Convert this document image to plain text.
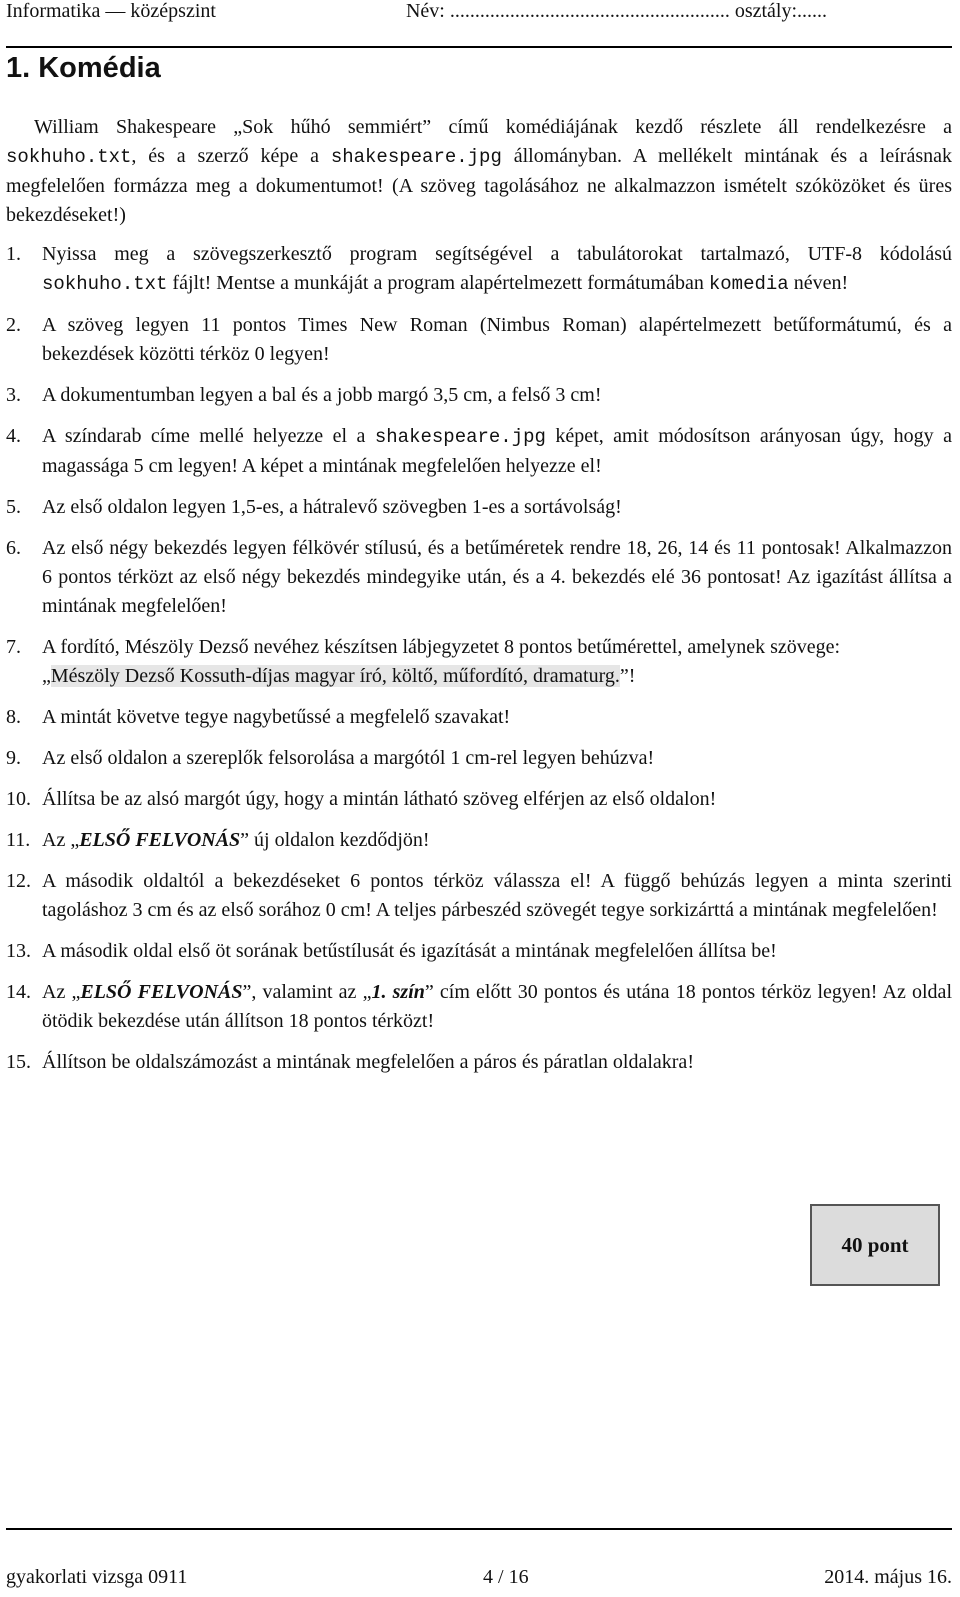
Informatika — középszint	Név: ........................................................ osztály:......
1. Komédia

William Shakespeare „Sok hűhó semmiért” című komédiájának kezdő részlete áll rendelkezésre a sokhuho.txt, és a szerző képe a shakespeare.jpg állományban. A mellékelt mintának és a leírásnak megfelelően formázza meg a dokumentumot! (A szöveg tagolásához ne alkalmazzon ismételt szóközöket és üres bekezdéseket!)

1.	Nyissa meg a szövegszerkesztő program segítségével a tabulátorokat tartalmazó, UTF-8 kódolású sokhuho.txt fájlt! Mentse a munkáját a program alapértelmezett formátumában komedia néven!
2.	A szöveg legyen 11 pontos Times New Roman (Nimbus Roman) alapértelmezett betűformátumú, és a bekezdések közötti térköz 0 legyen!
3.	A dokumentumban legyen a bal és a jobb margó 3,5 cm, a felső 3 cm!
4.	A színdarab címe mellé helyezze el a shakespeare.jpg képet, amit módosítson arányosan úgy, hogy a magassága 5 cm legyen! A képet a mintának megfelelően helyezze el!
5.	Az első oldalon legyen 1,5-es, a hátralevő szövegben 1-es a sortávolság!
6.	Az első négy bekezdés legyen félkövér stílusú, és a betűméretek rendre 18, 26, 14 és 11 pontosak! Alkalmazzon 6 pontos térközt az első négy bekezdés mindegyike után, és a 4. bekezdés elé 36 pontosat! Az igazítást állítsa a mintának megfelelően!
7.	A fordító, Mészöly Dezső nevéhez készítsen lábjegyzetet 8 pontos betűmérettel, amelynek szövege:
„Mészöly Dezső Kossuth-díjas magyar író, költő, műfordító, dramaturg.”!
8.	A mintát követve tegye nagybetűssé a megfelelő szavakat!
9.	Az első oldalon a szereplők felsorolása a margótól 1 cm-rel legyen behúzva!
10. Állítsa be az alsó margót úgy, hogy a mintán látható szöveg elférjen az első oldalon!
11. Az „ELSŐ FELVONÁS” új oldalon kezdődjön!
12. A második oldaltól a bekezdéseket 6 pontos térköz válassza el! A függő behúzás legyen a minta szerinti tagoláshoz 3 cm és az első sorához 0 cm! A teljes párbeszéd szövegét tegye sorkizárttá a mintának megfelelően!
13. A második oldal első öt sorának betűstílusát és igazítását a mintának megfelelően állítsa be!
14. Az „ELSŐ FELVONÁS”, valamint az „1. szín” cím előtt 30 pontos és utána 18 pontos térköz legyen! Az oldal ötödik bekezdése után állítson 18 pontos térközt!
15. Állítson be oldalszámozást a mintának megfelelően a páros és páratlan oldalakra!
40 pont
gyakorlati vizsga 0911	4 / 16	2014. május 16.
